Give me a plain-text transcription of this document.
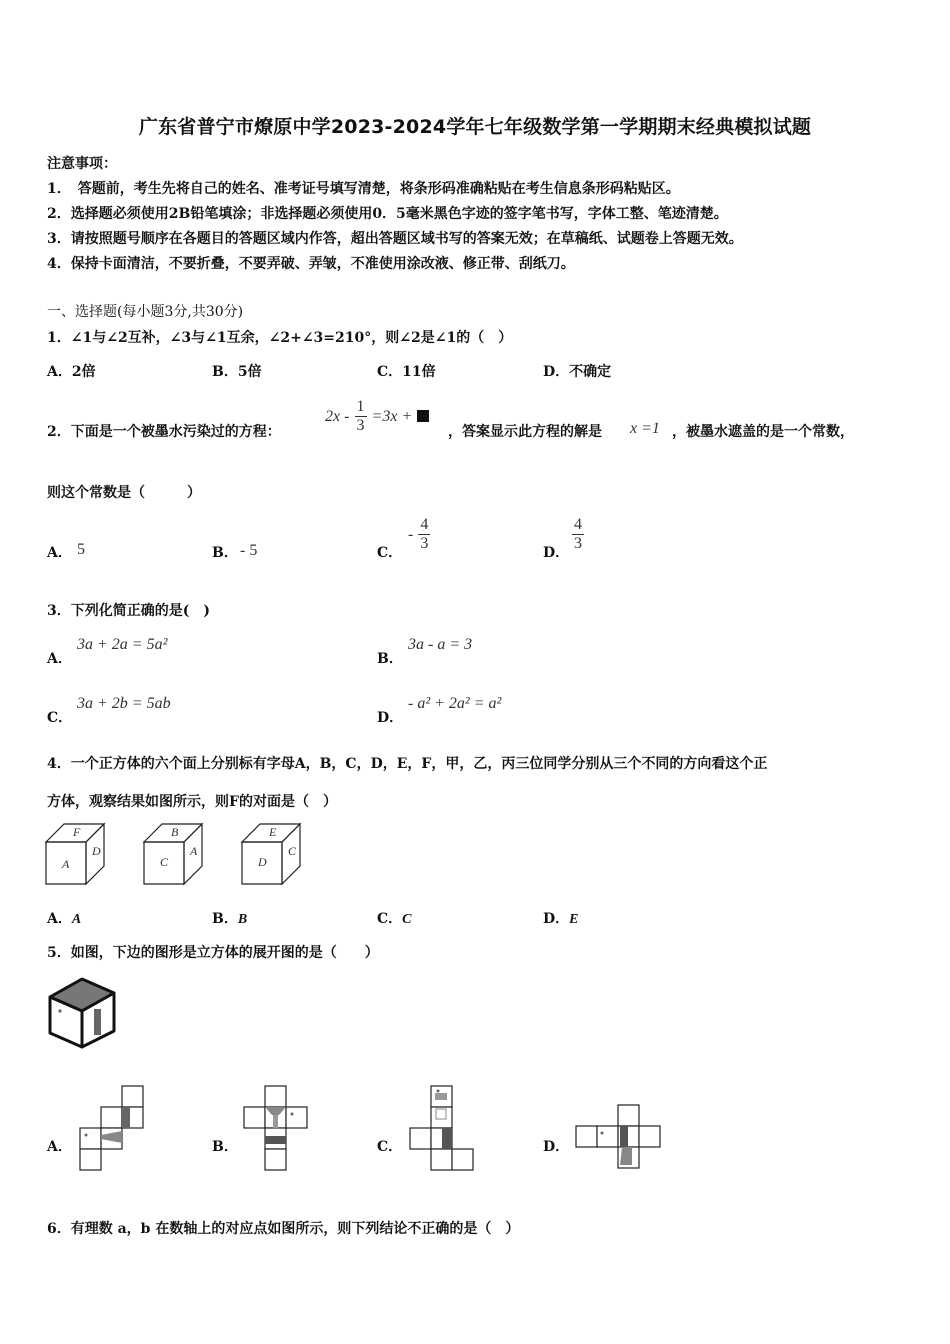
广东省普宁市燎原中学2023-2024学年七年级数学第一学期期末经典模拟试题
注意事项：
1．　答题前，考生先将自己的姓名、准考证号填写清楚，将条形码准确粘贴在考生信息条形码粘贴区。
2．选择题必须使用2B铅笔填涂；非选择题必须使用0．5毫米黑色字迹的签字笔书写，字体工整、笔迹清楚。
3．请按照题号顺序在各题目的答题区域内作答，超出答题区域书写的答案无效；在草稿纸、试题卷上答题无效。
4．保持卡面清洁，不要折叠，不要弄破、弄皱，不准使用涂改液、修正带、刮纸刀。
一、选择题(每小题3分,共30分)
1．∠1与∠2互补，∠3与∠1互余，∠2+∠3=210°，则∠2是∠1的（　）
A．2倍	B．5倍	C．11倍	D．不确定
2．下面是一个被墨水污染过的方程：
$2x - \frac{1}{3} =3x$ +
，答案显示此方程的解是 x =1 ，被墨水遮盖的是一个常数，
则这个常数是（　　　）
A． 5	B． - 5	C．
- $\frac{4}{3}$	D． $\frac{4}{3}$
3．下列化简正确的是(　)
A．
3a + 2a = 5a²
B．
3a - a = 3
C．
3a + 2b = 5ab
D．
- a² + 2a² = a²
4．一个正方体的六个面上分别标有字母A，B，C，D，E，F，甲，乙，丙三位同学分别从三个不同的方向看这个正
方体，观察结果如图所示，则F的对面是（　）
F
A
D
B
C
A
E
D
C
A．A	B．B	C．C	D．E
5．如图，下边的图形是立方体的展开图的是（　　）
A．	B．	C．	D．
6．有理数 a，b 在数轴上的对应点如图所示，则下列结论不正确的是（　）
